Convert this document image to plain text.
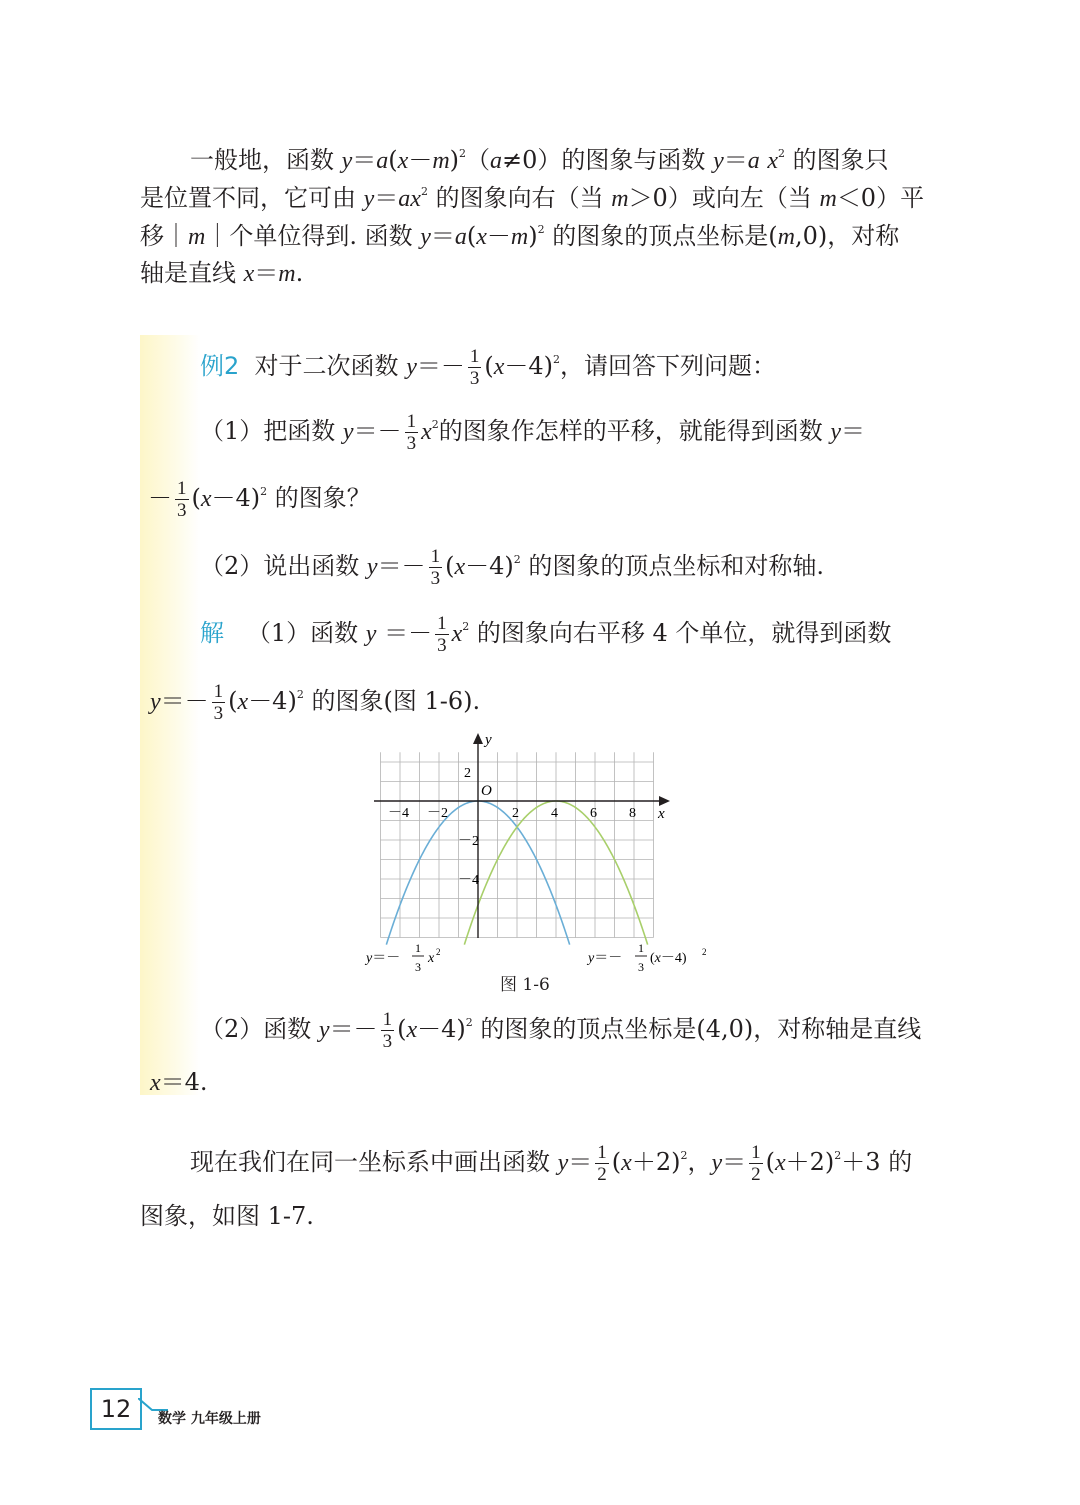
一般地，函数 $y=a(x-m)^2(a\ne 0)$的图象与函数 y＝a $x^2$ 的图象只
是位置不同，它可由 $y=ax^2$ 的图象向右（当 m＞0）或向左（当 m＜0）平
移｜m｜个单位得到. 函数 $y=a(x-m)^2$ 的图象的顶点坐标是(m,0)，对称
轴是直线 x＝m.
例2 对于二次函数 $y=- \frac{1}{3} (x-4)^2$，请回答下列问题：
（1）把函数 $y=- \frac{1}{3} x^2$的图象作怎样的平移，就能得到函数 y＝
－ $\frac{1}{3} (x-4)^2$ 的图象？
（2）说出函数 $y=- \frac{1}{3} (x-4)^2$ 的图象的顶点坐标和对称轴.
解 （1）函数 $y =- \frac{1}{3} x^2$ 的图象向右平移 4 个单位，就得到函数
$y=- \frac{1}{3} (x-4)^2$ 的图象(图 1-6).
y
x
O
－4 －2	2 4 6 8
2
－2
－4
y＝－
1
3
x 2	y＝－
1
3
(x－4) 2
图 1-6
（2）函数 $y=- \frac{1}{3} (x-4)^2$ 的图象的顶点坐标是(4,0)，对称轴是直线
x＝4.
现在我们在同一坐标系中画出函数 $y= \frac{1}{2} (x+2)^2$，$y= \frac{1}{2} (x+2)^2+3$ 的
图象，如图 1-7.
12	数学 九年级上册
